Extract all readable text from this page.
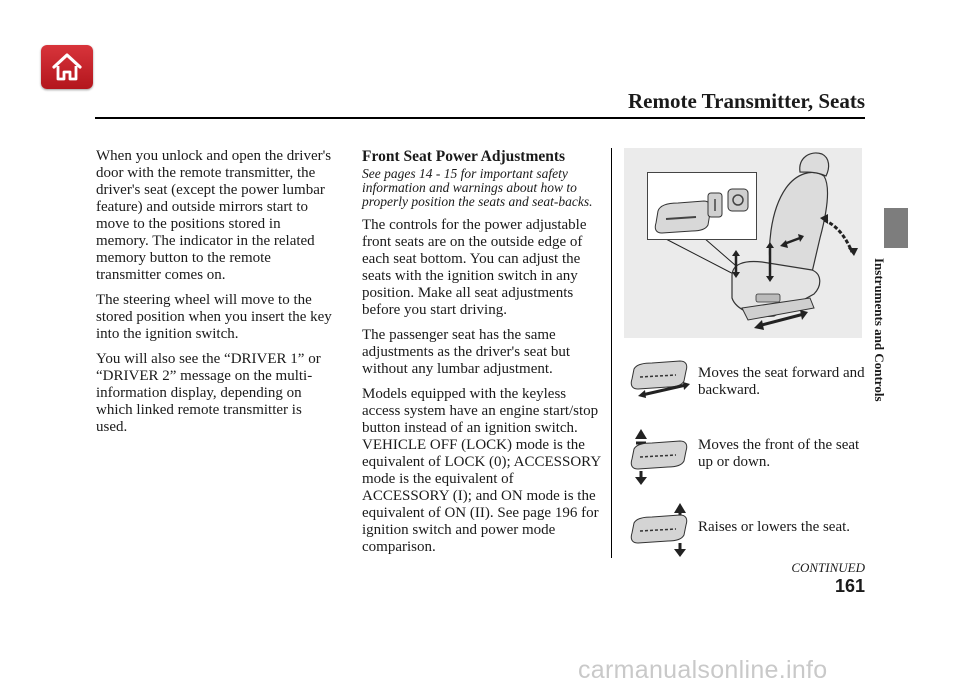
Remote Transmitter, Seats
Instruments and Controls

When you unlock and open the driver's door with the remote transmitter, the driver's seat (except the power lumbar feature) and outside mirrors start to move to the positions stored in memory. The indicator in the related memory button to the remote transmitter comes on.

The steering wheel will move to the stored position when you insert the key into the ignition switch.

You will also see the “DRIVER 1” or “DRIVER 2” message on the multi-information display, depending on which linked remote transmitter is used.

Front Seat Power Adjustments

See pages 14 - 15 for important safety information and warnings about how to properly position the seats and seat-backs.

The controls for the power adjustable front seats are on the outside edge of each seat bottom. You can adjust the seats with the ignition switch in any position. Make all seat adjustments before you start driving.

The passenger seat has the same adjustments as the driver's seat but without any lumbar adjustment.

Models equipped with the keyless access system have an engine start/stop button instead of an ignition switch. VEHICLE OFF (LOCK) mode is the equivalent of LOCK (0); ACCESSORY mode is the equivalent of ACCESSORY (I); and ON mode is the equivalent of ON (II). See page 196 for ignition switch and power mode comparison.

Moves the seat forward and backward.
Moves the front of the seat up or down.
Raises or lowers the seat.
CONTINUED
161
carmanualsonline.info
